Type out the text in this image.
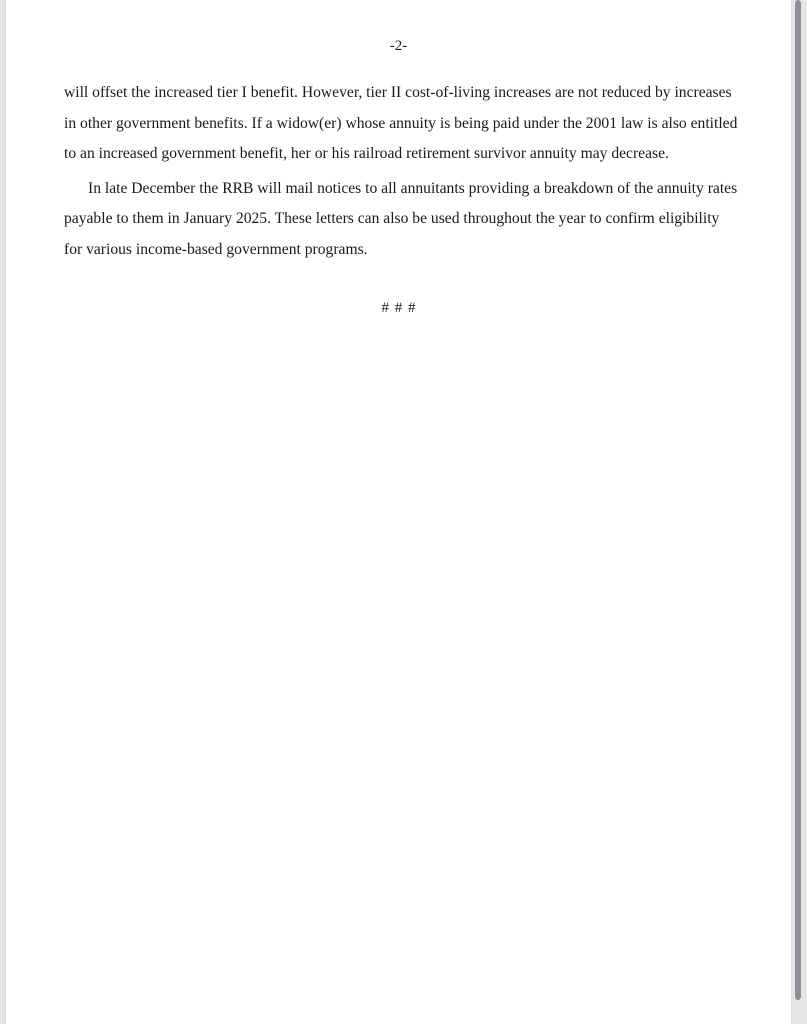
-2-

will offset the increased tier I benefit. However, tier II cost-of-living increases are not reduced by increases in other government benefits. If a widow(er) whose annuity is being paid under the 2001 law is also entitled to an increased government benefit, her or his railroad retirement survivor annuity may decrease.

In late December the RRB will mail notices to all annuitants providing a breakdown of the annuity rates payable to them in January 2025. These letters can also be used throughout the year to confirm eligibility for various income-based government programs.

# # #
